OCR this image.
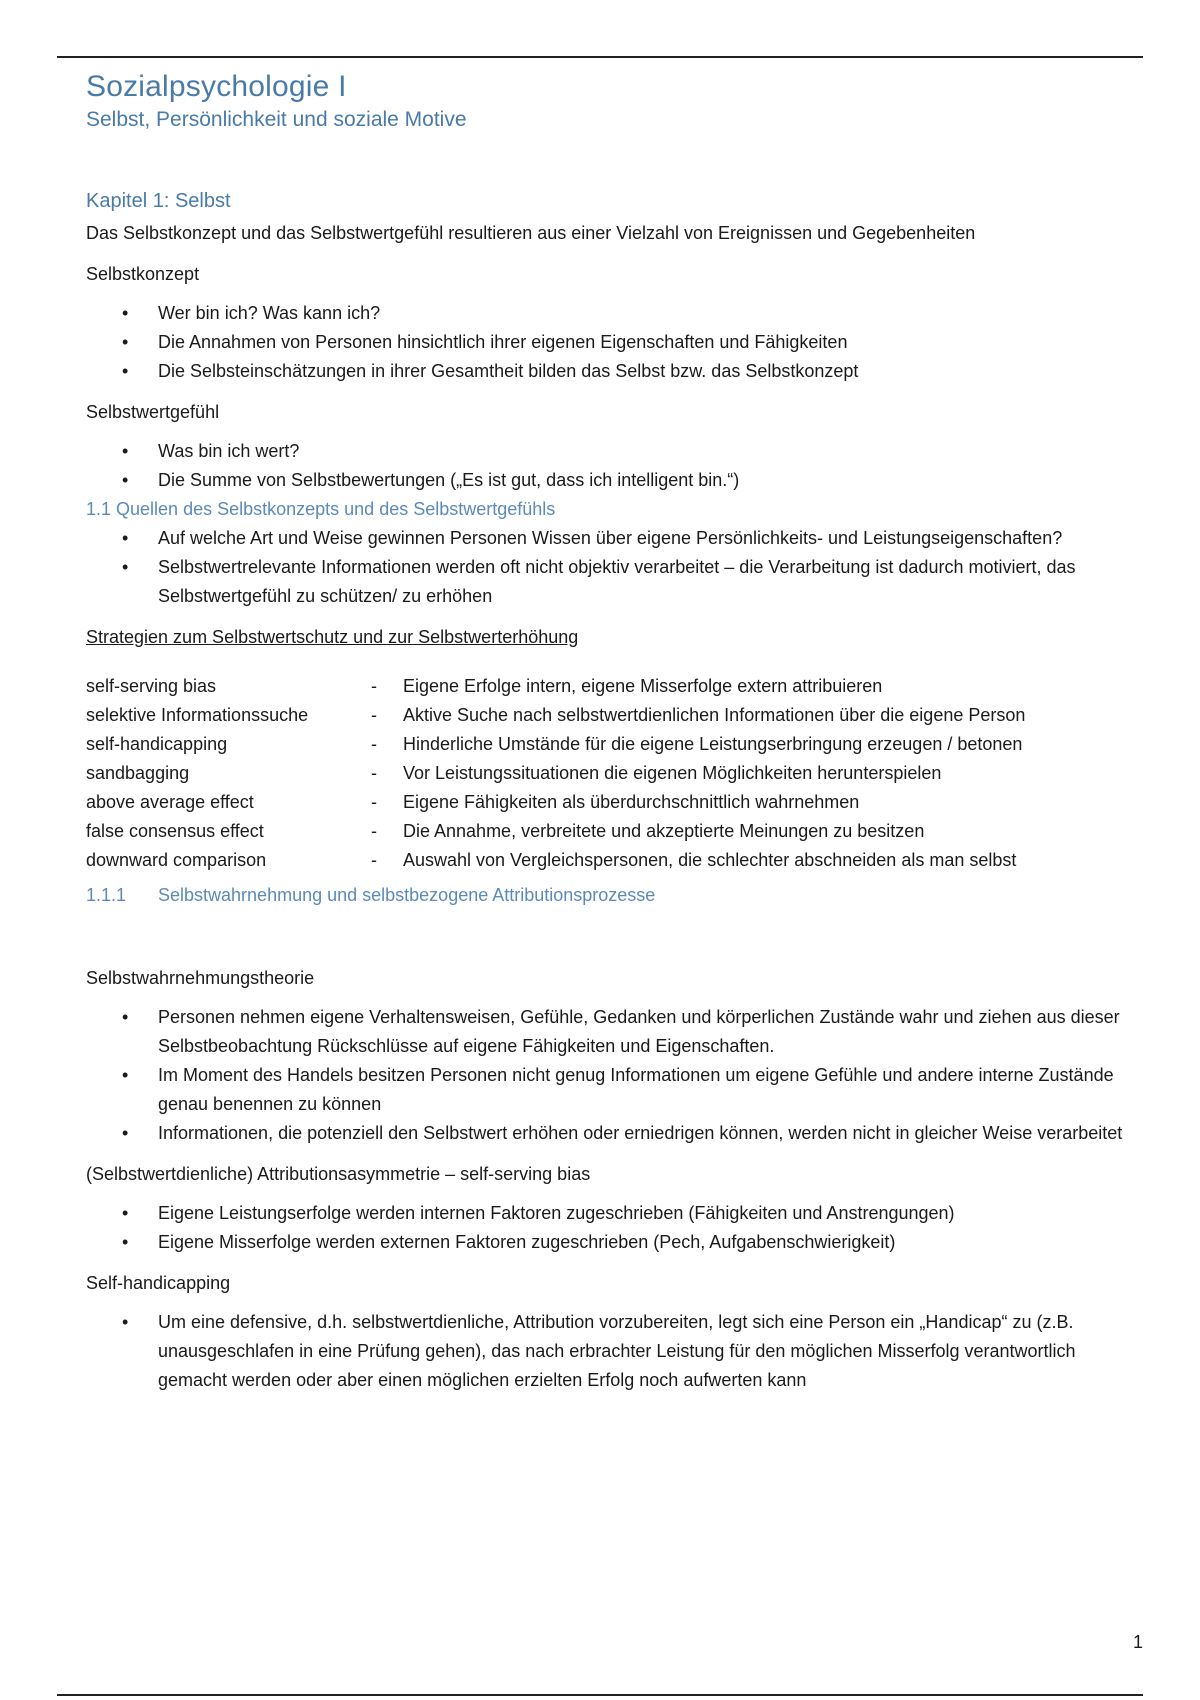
Sozialpsychologie I
Selbst, Persönlichkeit und soziale Motive
Kapitel 1: Selbst

Das Selbstkonzept und das Selbstwertgefühl resultieren aus einer Vielzahl von Ereignissen und Gegebenheiten

Selbstkonzept

• Wer bin ich? Was kann ich?
• Die Annahmen von Personen hinsichtlich ihrer eigenen Eigenschaften und Fähigkeiten
• Die Selbsteinschätzungen in ihrer Gesamtheit bilden das Selbst bzw. das Selbstkonzept

Selbstwertgefühl

• Was bin ich wert?
• Die Summe von Selbstbewertungen („Es ist gut, dass ich intelligent bin.“)
1.1 Quellen des Selbstkonzepts und des Selbstwertgefühls
• Auf welche Art und Weise gewinnen Personen Wissen über eigene Persönlichkeits- und Leistungseigenschaften?
• Selbstwertrelevante Informationen werden oft nicht objektiv verarbeitet – die Verarbeitung ist dadurch motiviert, das Selbstwertgefühl zu schützen/ zu erhöhen

Strategien zum Selbstwertschutz und zur Selbstwerterhöhung

self-serving bias	-	Eigene Erfolge intern, eigene Misserfolge extern attribuieren
selektive Informationssuche	-	Aktive Suche nach selbstwertdienlichen Informationen über die eigene Person
self-handicapping	-	Hinderliche Umstände für die eigene Leistungserbringung erzeugen / betonen
sandbagging	-	Vor Leistungssituationen die eigenen Möglichkeiten herunterspielen
above average effect	-	Eigene Fähigkeiten als überdurchschnittlich wahrnehmen
false consensus effect	-	Die Annahme, verbreitete und akzeptierte Meinungen zu besitzen
downward comparison	-	Auswahl von Vergleichspersonen, die schlechter abschneiden als man selbst
1.1.1 Selbstwahrnehmung und selbstbezogene Attributionsprozesse

Selbstwahrnehmungstheorie

• Personen nehmen eigene Verhaltensweisen, Gefühle, Gedanken und körperlichen Zustände wahr und ziehen aus dieser Selbstbeobachtung Rückschlüsse auf eigene Fähigkeiten und Eigenschaften.
• Im Moment des Handels besitzen Personen nicht genug Informationen um eigene Gefühle und andere interne Zustände genau benennen zu können
• Informationen, die potenziell den Selbstwert erhöhen oder erniedrigen können, werden nicht in gleicher Weise verarbeitet

(Selbstwertdienliche) Attributionsasymmetrie – self-serving bias

• Eigene Leistungserfolge werden internen Faktoren zugeschrieben (Fähigkeiten und Anstrengungen)
• Eigene Misserfolge werden externen Faktoren zugeschrieben (Pech, Aufgabenschwierigkeit)

Self-handicapping

• Um eine defensive, d.h. selbstwertdienliche, Attribution vorzubereiten, legt sich eine Person ein „Handicap“ zu (z.B. unausgeschlafen in eine Prüfung gehen), das nach erbrachter Leistung für den möglichen Misserfolg verantwortlich gemacht werden oder aber einen möglichen erzielten Erfolg noch aufwerten kann
1
